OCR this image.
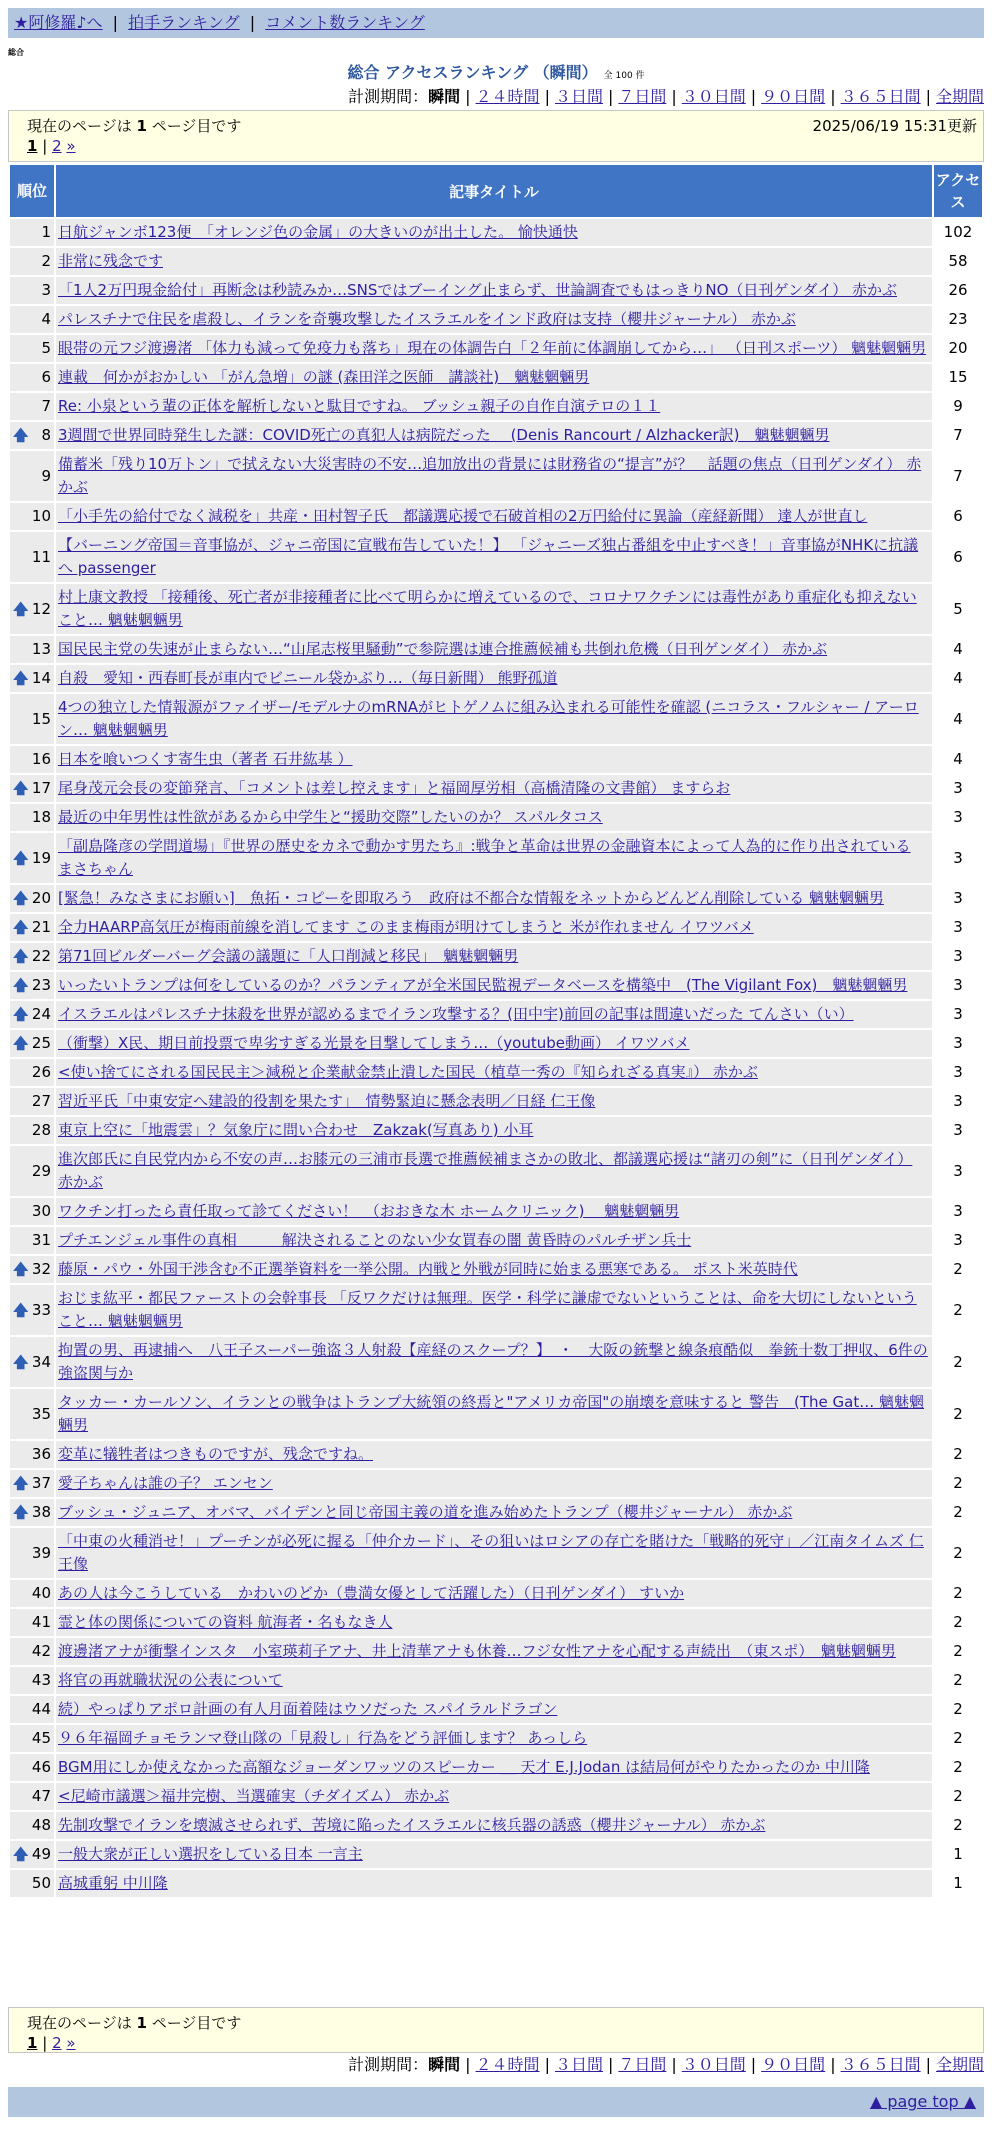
★阿修羅♪へ | 拍手ランキング | コメント数ランキング
総合
総合 アクセスランキング （瞬間） 全 100 件
計測期間：瞬間 | ２４時間 | ３日間 | ７日間 | ３０日間 | ９０日間 | ３６５日間 | 全期間
現在のページは 1 ページ目です	2025/06/19 15:31更新
1 | 2 »
順位	記事タイトル	アクセス
1	日航ジャンボ123便　「オレンジ色の金属」の大きいのが出土した。 愉快通快	102
2	非常に残念です	58
3	「1人2万円現金給付」再断念は秒読みか…SNSではブーイング止まらず、世論調査でもはっきりNO（日刊ゲンダイ） 赤かぶ	26
4	パレスチナで住民を虐殺し、イランを奇襲攻撃したイスラエルをインド政府は支持（櫻井ジャーナル） 赤かぶ	23
5	眼帯の元フジ渡邊渚 「体力も減って免疫力も落ち」現在の体調告白「２年前に体調崩してから…」 （日刊スポーツ） 魑魅魍魎男	20
6	連載　何かがおかしい 「がん急増」の謎 (森田洋之医師　講談社)　魑魅魍魎男	15
7	Re: 小泉という輩の正体を解析しないと駄目ですね。 ブッシュ親子の自作自演テロの１１	9

🡅 8	3週間で世界同時発生した謎：COVID死亡の真犯人は病院だった 　(Denis Rancourt / Alzhacker訳)　魑魅魍魎男	7
9	備蓄米「残り10万トン」で拭えない大災害時の不安…追加放出の背景には財務省の“提言”が？　話題の焦点（日刊ゲンダイ） 赤かぶ	7
10	「小手先の給付でなく減税を」共産・田村智子氏　都議選応援で石破首相の2万円給付に異論（産経新聞） 達人が世直し	6
11	【バーニング帝国＝音事協が、ジャニ帝国に宣戦布告していた！】 「ジャニーズ独占番組を中止すべき！」音事協がNHKに抗議へ passenger	6

🡅 12	村上康文教授 「接種後、死亡者が非接種者に比べて明らかに増えているので、コロナワクチンには毒性があり重症化も抑えないこと… 魑魅魍魎男	5
13	国民民主党の失速が止まらない…“山尾志桜里騒動”で参院選は連合推薦候補も共倒れ危機（日刊ゲンダイ） 赤かぶ	4

🡅 14	自殺　愛知・西春町長が車内でビニール袋かぶり…（毎日新聞） 熊野孤道	4
15	4つの独立した情報源がファイザー/モデルナのmRNAがヒトゲノムに組み込まれる可能性を確認 (ニコラス・フルシャー / アーロン… 魑魅魍魎男	4
16	日本を喰いつくす寄生虫（著者 石井紘基 ）	4

🡅 17	尾身茂元会長の変節発言、「コメントは差し控えます」と福岡厚労相（高橋清隆の文書館） ますらお	3
18	最近の中年男性は性欲があるから中学生と“援助交際”したいのか？ スパルタコス	3

🡅 19	「副島隆彦の学問道場」『世界の歴史をカネで動かす男たち』:戦争と革命は世界の金融資本によって人為的に作り出されている まさちゃん	3

🡅 20	[緊急！みなさまにお願い]　魚拓・コピーを即取ろう　政府は不都合な情報をネットからどんどん削除している 魑魅魍魎男	3

🡅 21	全力HAARP高気圧が梅雨前線を消してます このまま梅雨が明けてしまうと 米が作れません イワツバメ	3

🡅 22	第71回ビルダーバーグ会議の議題に「人口削減と移民」　魑魅魍魎男	3

🡅 23	いったいトランプは何をしているのか？パランティアが全米国民監視データベースを構築中　(The Vigilant Fox)　魑魅魍魎男	3

🡅 24	イスラエルはパレスチナ抹殺を世界が認めるまでイラン攻撃する？(田中宇)前回の記事は間違いだった てんさい（い）	3

🡅 25	（衝撃）X民、期日前投票で卑劣すぎる光景を目撃してしまう…（youtube動画） イワツバメ	3
26	<使い捨てにされる国民民主＞減税と企業献金禁止潰した国民（植草一秀の『知られざる真実』） 赤かぶ	3
27	習近平氏「中東安定へ建設的役割を果たす」　情勢緊迫に懸念表明／日経 仁王像	3
28	東京上空に「地震雲」？気象庁に問い合わせ　Zakzak(写真あり) 小耳	3
29	進次郎氏に自民党内から不安の声…お膝元の三浦市長選で推薦候補まさかの敗北、都議選応援は“諸刃の剣”に（日刊ゲンダイ） 赤かぶ	3
30	ワクチン打ったら責任取って診てください！　（おおきな木 ホームクリニック)　 魑魅魍魎男	3
31	プチエンジェル事件の真相　　　解決されることのない少女買春の闇 黄昏時のパルチザン兵士	3

🡅 32	藤原・パウ・外国干渉含む不正選挙資料を一挙公開。内戦と外戦が同時に始まる悪寒である。 ポスト米英時代	2

🡅 33	おじま紘平・都民ファーストの会幹事長 「反ワクだけは無理。医学・科学に謙虚でないということは、命を大切にしないということ… 魑魅魍魎男	2

🡅 34	拘置の男、再逮捕へ　八王子スーパー強盗３人射殺【産経のスクープ？】　・　大阪の銃撃と線条痕酷似　拳銃十数丁押収、6件の強盗関与か	2
35	タッカー・カールソン、イランとの戦争はトランプ大統領の終焉と"アメリカ帝国"の崩壊を意味すると 警告　(The Gat… 魑魅魍魎男	2
36	変革に犠牲者はつきものですが、残念ですね。	2

🡅 37	愛子ちゃんは誰の子？ エンセン	2

🡅 38	ブッシュ・ジュニア、オバマ、バイデンと同じ帝国主義の道を進み始めたトランプ（櫻井ジャーナル） 赤かぶ	2
39	「中東の火種消せ！」プーチンが必死に握る「仲介カード」、その狙いはロシアの存亡を賭けた「戦略的死守」／江南タイムズ 仁王像	2
40	あの人は今こうしている　かわいのどか（豊満女優として活躍した）（日刊ゲンダイ） すいか	2
41	霊と体の関係についての資料 航海者・名もなき人	2
42	渡邊渚アナが衝撃インスタ　小室瑛莉子アナ、井上清華アナも休養…フジ女性アナを心配する声続出　（東スポ）　魑魅魍魎男	2
43	将官の再就職状況の公表について	2
44	続）やっぱりアポロ計画の有人月面着陸はウソだった スパイラルドラゴン	2
45	９６年福岡チョモランマ登山隊の「見殺し」行為をどう評価します？ あっしら	2
46	BGM用にしか使えなかった高額なジョーダンワッツのスピーカー ＿ 天才 E.J.Jodan は結局何がやりたかったのか 中川隆	2
47	<尼崎市議選＞福井完樹、当選確実（チダイズム） 赤かぶ	2
48	先制攻撃でイランを壊滅させられず、苦境に陥ったイスラエルに核兵器の誘惑（櫻井ジャーナル） 赤かぶ	2

🡅 49	一般大衆が正しい選択をしている日本 一言主	1
50	高城重躬 中川隆	1
現在のページは 1 ページ目です
1 | 2 »
計測期間：瞬間 | ２４時間 | ３日間 | ７日間 | ３０日間 | ９０日間 | ３６５日間 | 全期間
▲ page top ▲
